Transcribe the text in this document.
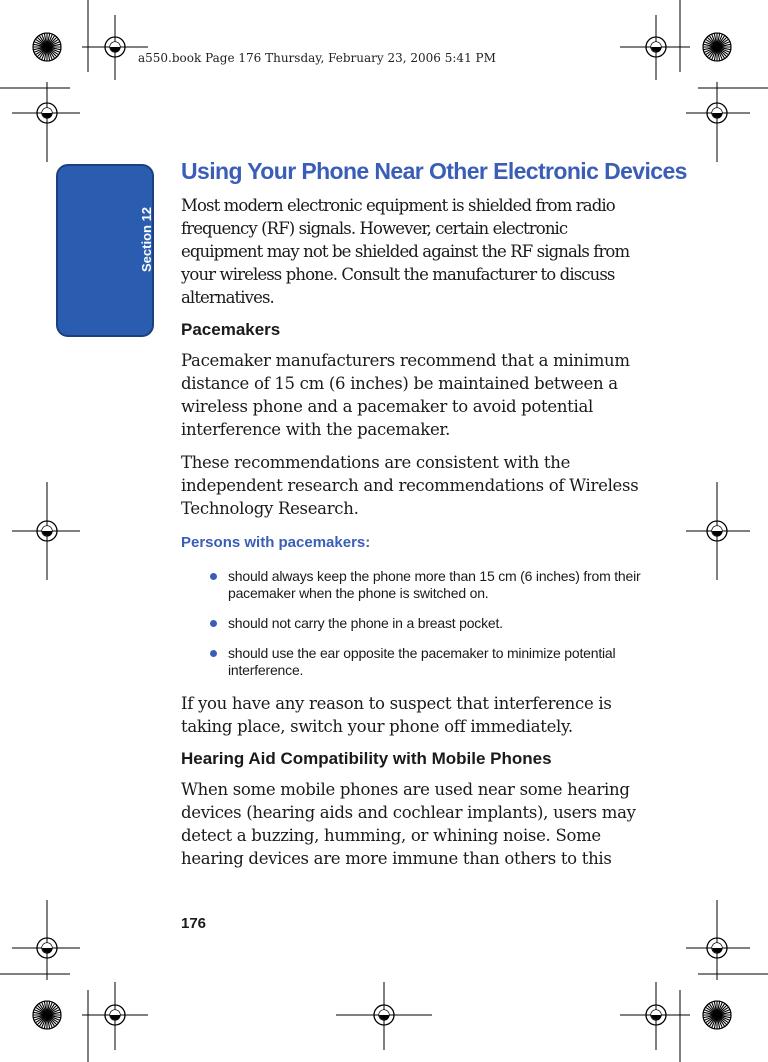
a550.book Page 176 Thursday, February 23, 2006 5:41 PM
Section 12
Using Your Phone Near Other Electronic Devices

Most modern electronic equipment is shielded from radio frequency (RF) signals. However, certain electronic equipment may not be shielded against the RF signals from your wireless phone. Consult the manufacturer to discuss alternatives.

Pacemakers

Pacemaker manufacturers recommend that a minimum distance of 15 cm (6 inches) be maintained between a wireless phone and a pacemaker to avoid potential interference with the pacemaker.

These recommendations are consistent with the independent research and recommendations of Wireless Technology Research.

Persons with pacemakers:
should always keep the phone more than 15 cm (6 inches) from their pacemaker when the phone is switched on.
should not carry the phone in a breast pocket.
should use the ear opposite the pacemaker to minimize potential interference.

If you have any reason to suspect that interference is taking place, switch your phone off immediately.

Hearing Aid Compatibility with Mobile Phones

When some mobile phones are used near some hearing devices (hearing aids and cochlear implants), users may detect a buzzing, humming, or whining noise. Some hearing devices are more immune than others to this

176
